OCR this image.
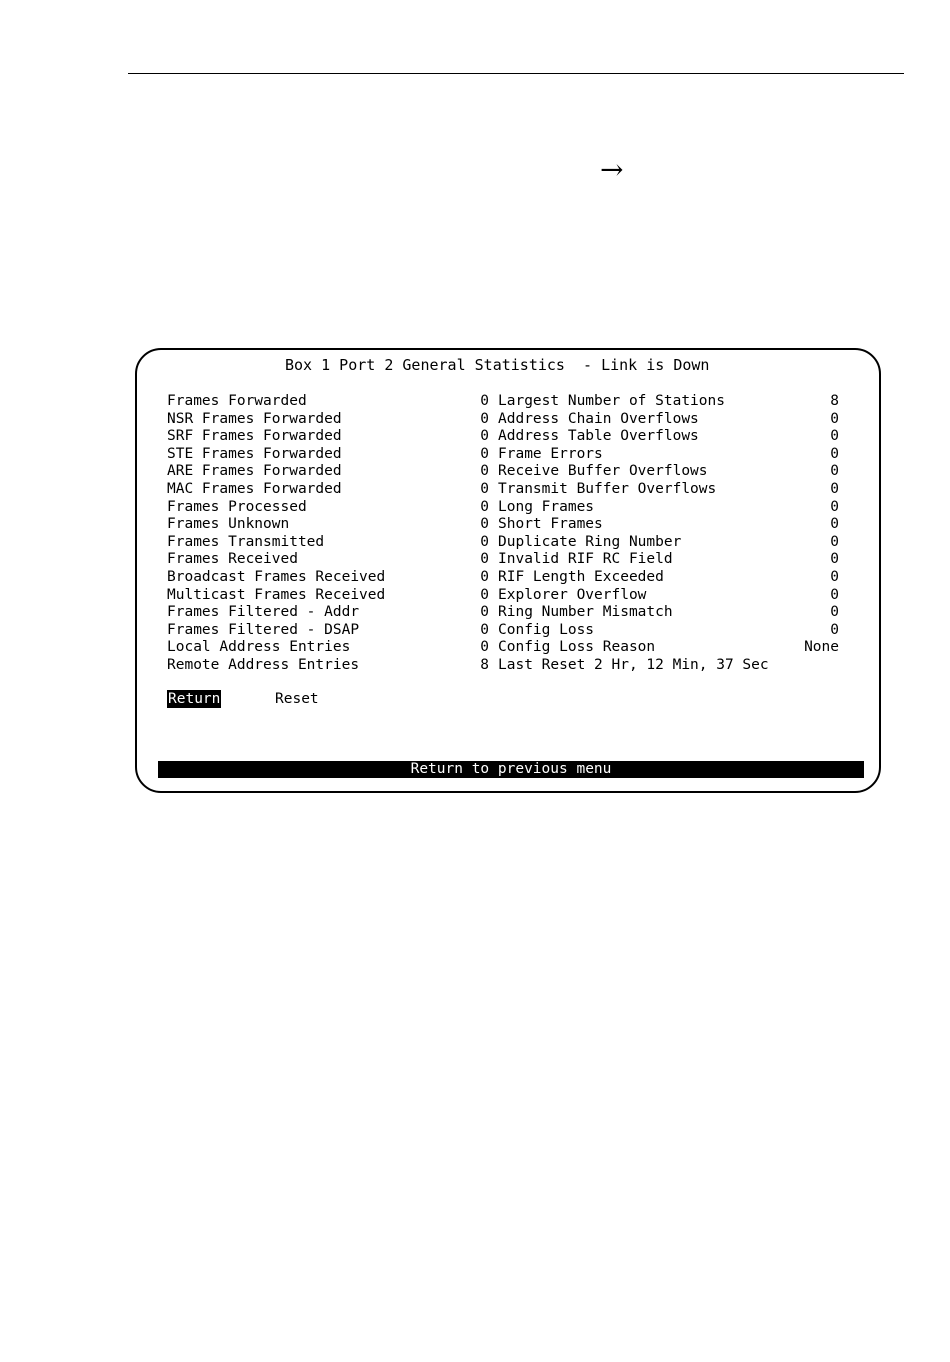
→
Box 1 Port 2 General Statistics  - Link is Down
Frames Forwarded	0 Largest Number of Stations	8
NSR Frames Forwarded	0 Address Chain Overflows	0
SRF Frames Forwarded	0 Address Table Overflows	0
STE Frames Forwarded	0 Frame Errors	0
ARE Frames Forwarded	0 Receive Buffer Overflows	0
MAC Frames Forwarded	0 Transmit Buffer Overflows	0
Frames Processed	0 Long Frames	0
Frames Unknown	0 Short Frames	0
Frames Transmitted	0 Duplicate Ring Number	0
Frames Received	0 Invalid RIF RC Field	0
Broadcast Frames Received	0 RIF Length Exceeded	0
Multicast Frames Received	0 Explorer Overflow	0
Frames Filtered - Addr	0 Ring Number Mismatch	0
Frames Filtered - DSAP	0 Config Loss	0
Local Address Entries	0 Config Loss Reason	None
Remote Address Entries	8 Last Reset 2 Hr, 12 Min, 37 Sec
Return	Reset
Return to previous menu
